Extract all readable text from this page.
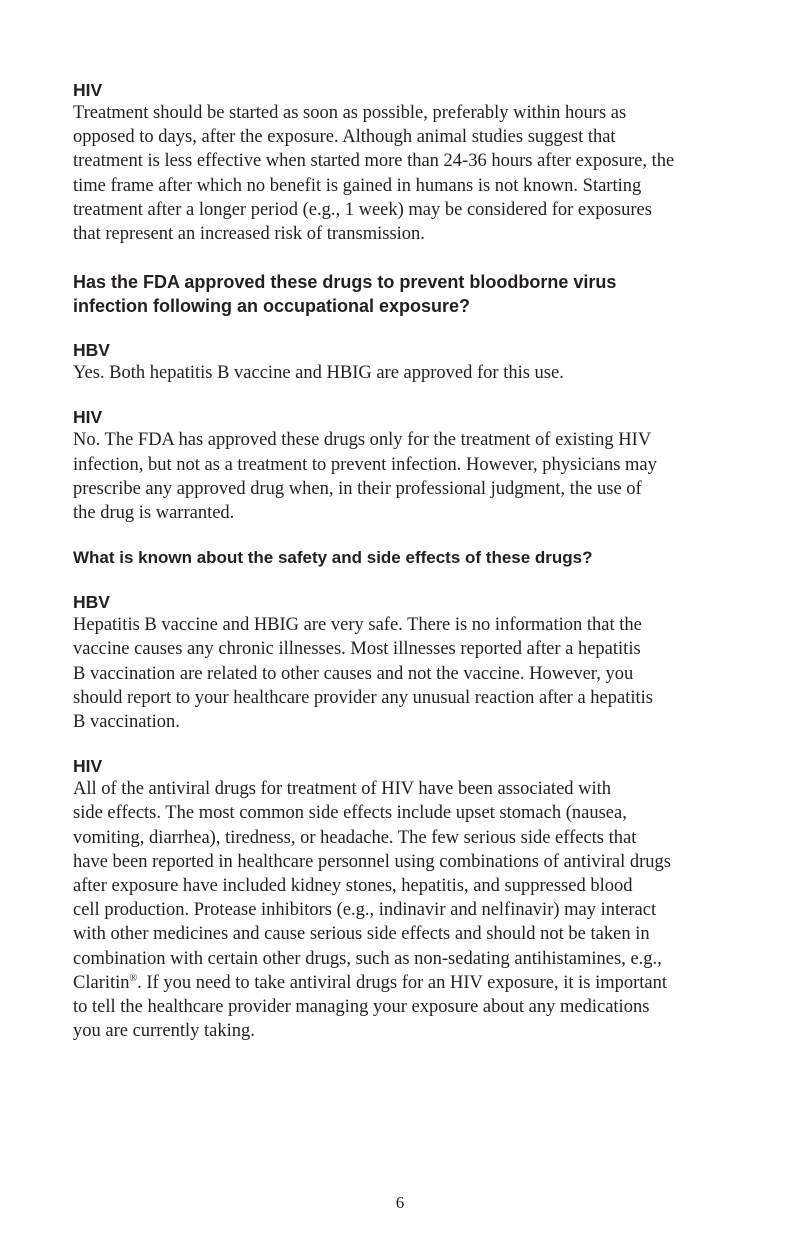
HIV

Treatment should be started as soon as possible, preferably within hours as
opposed to days, after the exposure. Although animal studies suggest that
treatment is less effective when started more than 24-36 hours after exposure, the
time frame after which no benefit is gained in humans is not known. Starting
treatment after a longer period (e.g., 1 week) may be considered for exposures
that represent an increased risk of transmission.

Has the FDA approved these drugs to prevent bloodborne virus
infection following an occupational exposure?
HBV

Yes. Both hepatitis B vaccine and HBIG are approved for this use.

HIV

No. The FDA has approved these drugs only for the treatment of existing HIV
infection, but not as a treatment to prevent infection. However, physicians may
prescribe any approved drug when, in their professional judgment, the use of
the drug is warranted.

What is known about the safety and side effects of these drugs?
HBV

Hepatitis B vaccine and HBIG are very safe. There is no information that the
vaccine causes any chronic illnesses. Most illnesses reported after a hepatitis
B vaccination are related to other causes and not the vaccine. However, you
should report to your healthcare provider any unusual reaction after a hepatitis
B vaccination.

HIV

All of the antiviral drugs for treatment of HIV have been associated with
side effects. The most common side effects include upset stomach (nausea,
vomiting, diarrhea), tiredness, or headache. The few serious side effects that
have been reported in healthcare personnel using combinations of antiviral drugs
after exposure have included kidney stones, hepatitis, and suppressed blood
cell production. Protease inhibitors (e.g., indinavir and nelfinavir) may interact
with other medicines and cause serious side effects and should not be taken in
combination with certain other drugs, such as non-sedating antihistamines, e.g.,
Claritin®. If you need to take antiviral drugs for an HIV exposure, it is important
to tell the healthcare provider managing your exposure about any medications
you are currently taking.

6
